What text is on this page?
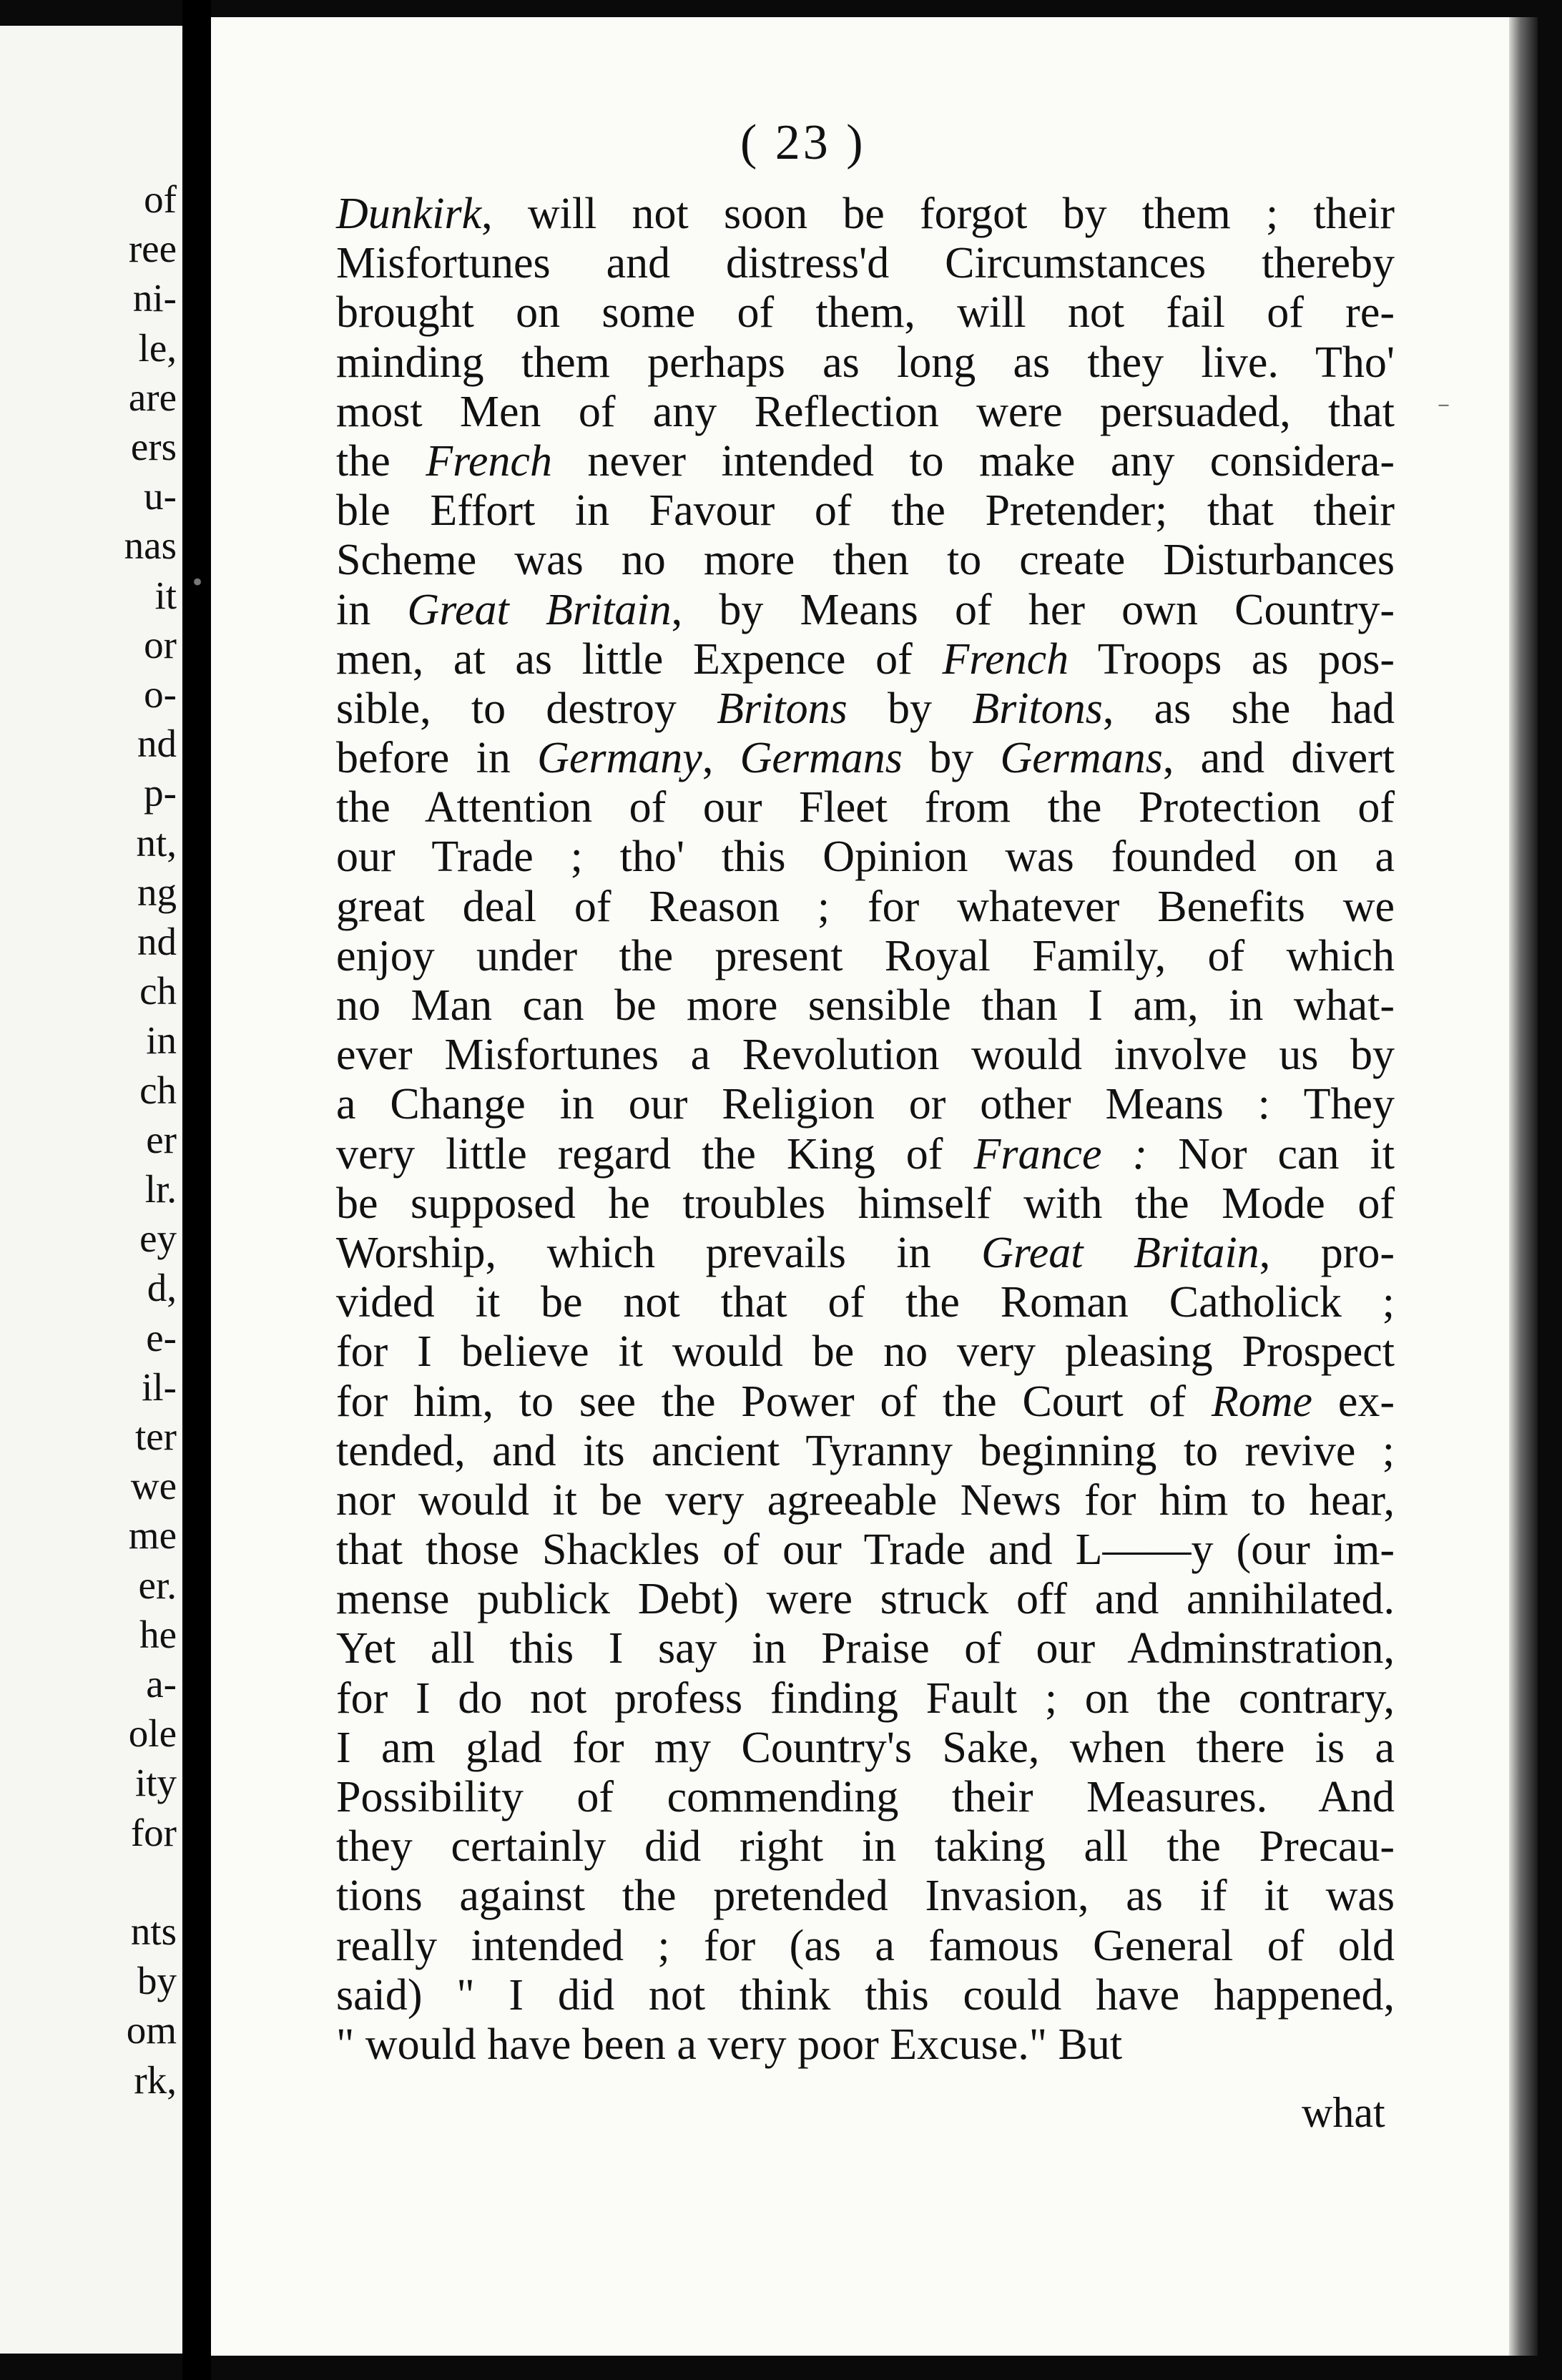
of
ree
ni-
le,
are
ers
u-
nas
it
or
o-
nd
p-
nt,
ng
nd
ch
in
ch
er
lr.
ey
d,
e-
il-
ter
we
me
er.
he
a-
ole
ity
for
nts
by
om
rk,
( 23 )
Dunkirk, will not soon be forgot by them ; their
Misfortunes and distress'd Circumstances thereby
brought on some of them, will not fail of re-
minding them perhaps as long as they live. Tho'
most Men of any Reflection were persuaded, that
the French never intended to make any considera-
ble Effort in Favour of the Pretender; that their
Scheme was no more then to create Disturbances
in Great Britain, by Means of her own Country-
men, at as little Expence of French Troops as pos-
sible, to destroy Britons by Britons, as she had
before in Germany, Germans by Germans, and divert
the Attention of our Fleet from the Protection of
our Trade ; tho' this Opinion was founded on a
great deal of Reason ; for whatever Benefits we
enjoy under the present Royal Family, of which
no Man can be more sensible than I am, in what-
ever Misfortunes a Revolution would involve us by
a Change in our Religion or other Means : They
very little regard the King of France : Nor can it
be supposed he troubles himself with the Mode of
Worship, which prevails in Great Britain, pro-
vided it be not that of the Roman Catholick ;
for I believe it would be no very pleasing Prospect
for him, to see the Power of the Court of Rome ex-
tended, and its ancient Tyranny beginning to revive ;
nor would it be very agreeable News for him to hear,
that those Shackles of our Trade and L——y (our im-
mense publick Debt) were struck off and annihilated.
Yet all this I say in Praise of our Adminstration,
for I do not profess finding Fault ; on the contrary,
I am glad for my Country's Sake, when there is a
Possibility of commending their Measures. And
they certainly did right in taking all the Precau-
tions against the pretended Invasion, as if it was
really intended ; for (as a famous General of old
said) " I did not think this could have happened,
" would have been a very poor Excuse." But
what
•
–
